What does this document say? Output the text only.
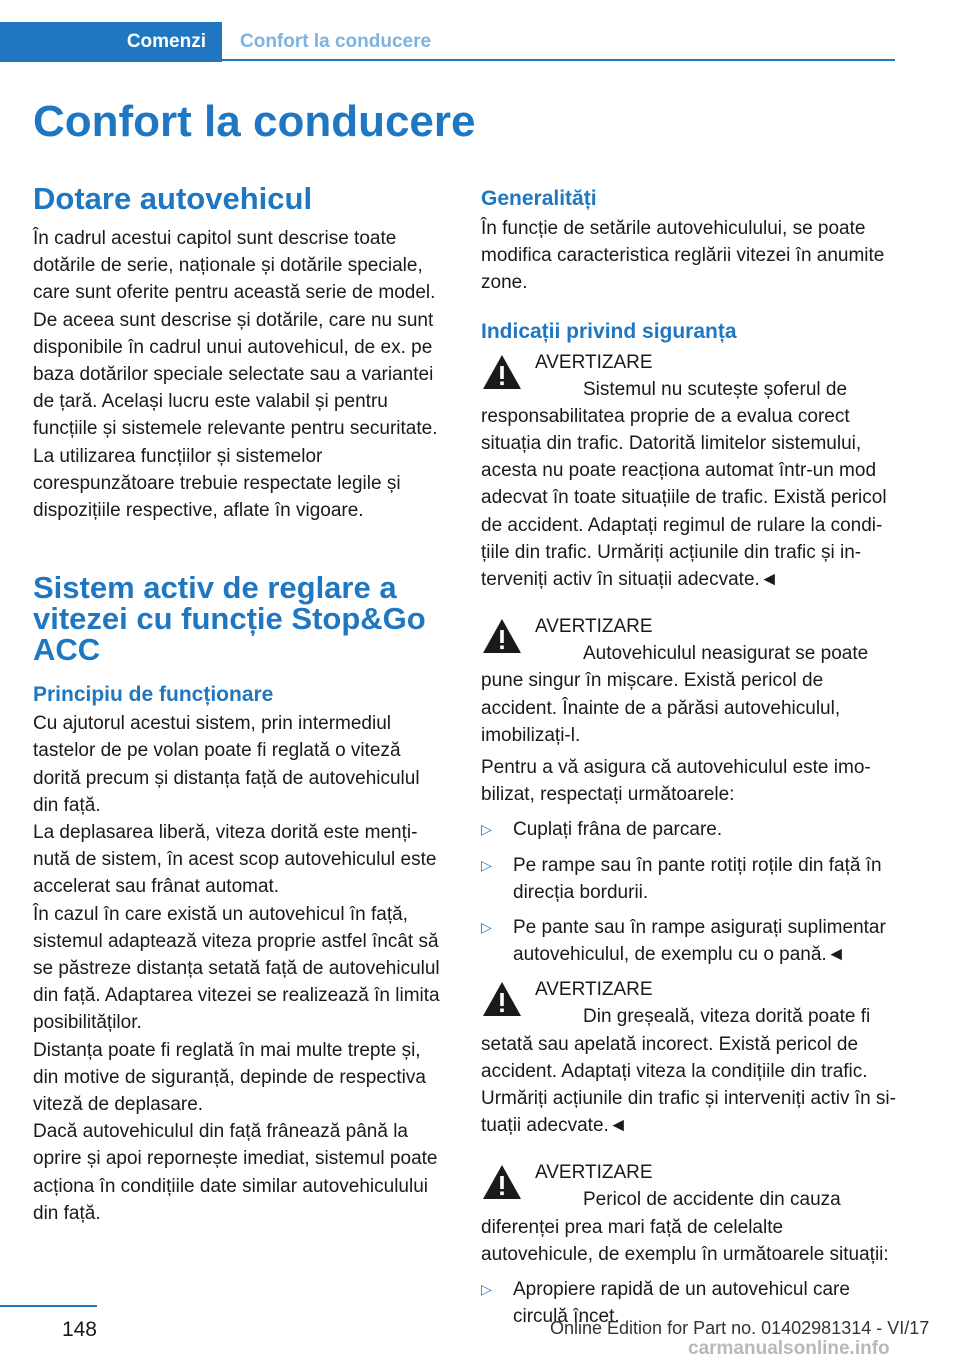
Comenzi	Confort la conducere
Confort la conducere
Dotare autovehicul

În cadrul acestui capitol sunt descrise toate dotările de serie, naționale și dotările speciale, care sunt oferite pentru această serie de model. De aceea sunt descrise și dotările, care nu sunt disponibile în cadrul unui autovehicul, de ex. pe baza dotărilor speciale selectate sau a variantei de țară. Același lucru este valabil și pentru funcțiile și sistemele relevante pentru securitate. La utilizarea funcțiilor și sistemelor corespunzătoare trebuie respectate legile și dispozițiile respective, aflate în vigoare.

Sistem activ de reglare a
vitezei cu funcție Stop&Go
ACC
Principiu de funcționare

Cu ajutorul acestui sistem, prin intermediul tastelor de pe volan poate fi reglată o viteză dorită precum și distanța față de autovehiculul din față.

La deplasarea liberă, viteza dorită este menținută de sistem, în acest scop autovehiculul este accelerat sau frânat automat.

În cazul în care există un autovehicul în față, sistemul adaptează viteza proprie astfel încât să se păstreze distanța setată față de autovehiculul din față. Adaptarea vitezei se realizează în limita posibilităților.

Distanța poate fi reglată în mai multe trepte și, din motive de siguranță, depinde de respectiva viteză de deplasare.

Dacă autovehiculul din față frânează până la oprire și apoi repornește imediat, sistemul poate acționa în condițiile date similar autovehiculului din față.

Generalități

În funcție de setările autovehiculului, se poate modifica caracteristica reglării vitezei în anumite zone.

Indicații privind siguranța
AVERTIZARE

Sistemul nu scutește șoferul de responsabilitatea proprie de a evalua corect situația din trafic. Datorită limitelor sistemului, acesta nu poate reacționa automat într-un mod adecvat în toate situațiile de trafic. Există pericol de accident. Adaptați regimul de rulare la condițiile din trafic. Urmăriți acțiunile din trafic și interveniți activ în situații adecvate.◄

AVERTIZARE

Autovehiculul neasigurat se poate pune singur în mișcare. Există pericol de accident. Înainte de a părăsi autovehiculul, imobilizați-l.

Pentru a vă asigura că autovehiculul este imobilizat, respectați următoarele:

▷ Cuplați frâna de parcare.
▷ Pe rampe sau în pante rotiți roțile din față în direcția bordurii.
▷ Pe pante sau în rampe asigurați suplimentar autovehiculul, de exemplu cu o pană.◄
AVERTIZARE

Din greșeală, viteza dorită poate fi setată sau apelată incorect. Există pericol de accident. Adaptați viteza la condițiile din trafic. Urmăriți acțiunile din trafic și interveniți activ în situații adecvate.◄

AVERTIZARE

Pericol de accidente din cauza diferenței prea mari față de celelalte autovehicule, de exemplu în următoarele situații:

▷ Apropiere rapidă de un autovehicul care circulă încet.
148	Online Edition for Part no. 01402981314 - VI/17
carmanualsonline.info
